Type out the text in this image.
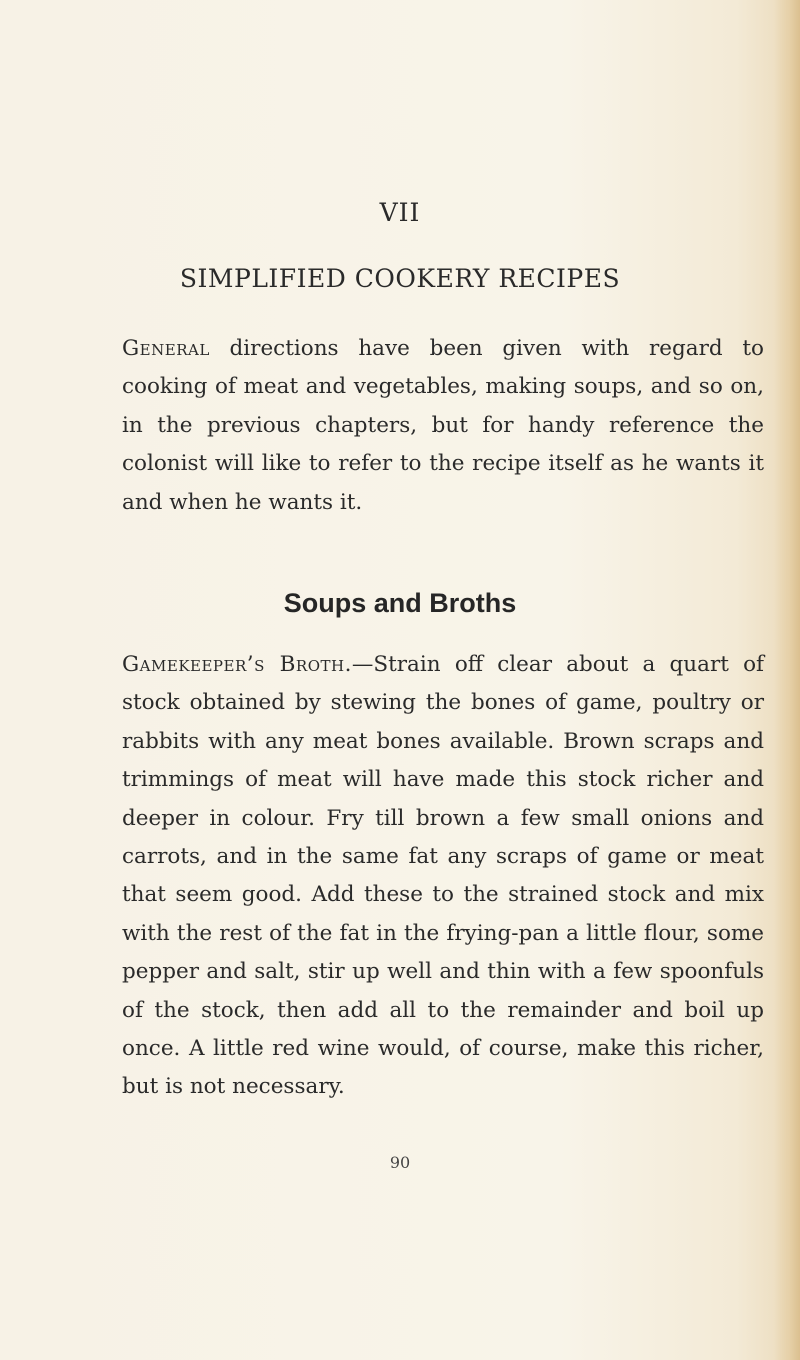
VII
SIMPLIFIED COOKERY RECIPES

General directions have been given with regard to cooking of meat and vegetables, making soups, and so on, in the previous chapters, but for handy reference the colonist will like to refer to the recipe itself as he wants it and when he wants it.

Soups and Broths

Gamekeeper’s Broth.—Strain off clear about a quart of stock obtained by stewing the bones of game, poultry or rabbits with any meat bones available. Brown scraps and trimmings of meat will have made this stock richer and deeper in colour. Fry till brown a few small onions and carrots, and in the same fat any scraps of game or meat that seem good. Add these to the strained stock and mix with the rest of the fat in the frying-pan a little flour, some pepper and salt, stir up well and thin with a few spoonfuls of the stock, then add all to the remainder and boil up once. A little red wine would, of course, make this richer, but is not necessary.

90
